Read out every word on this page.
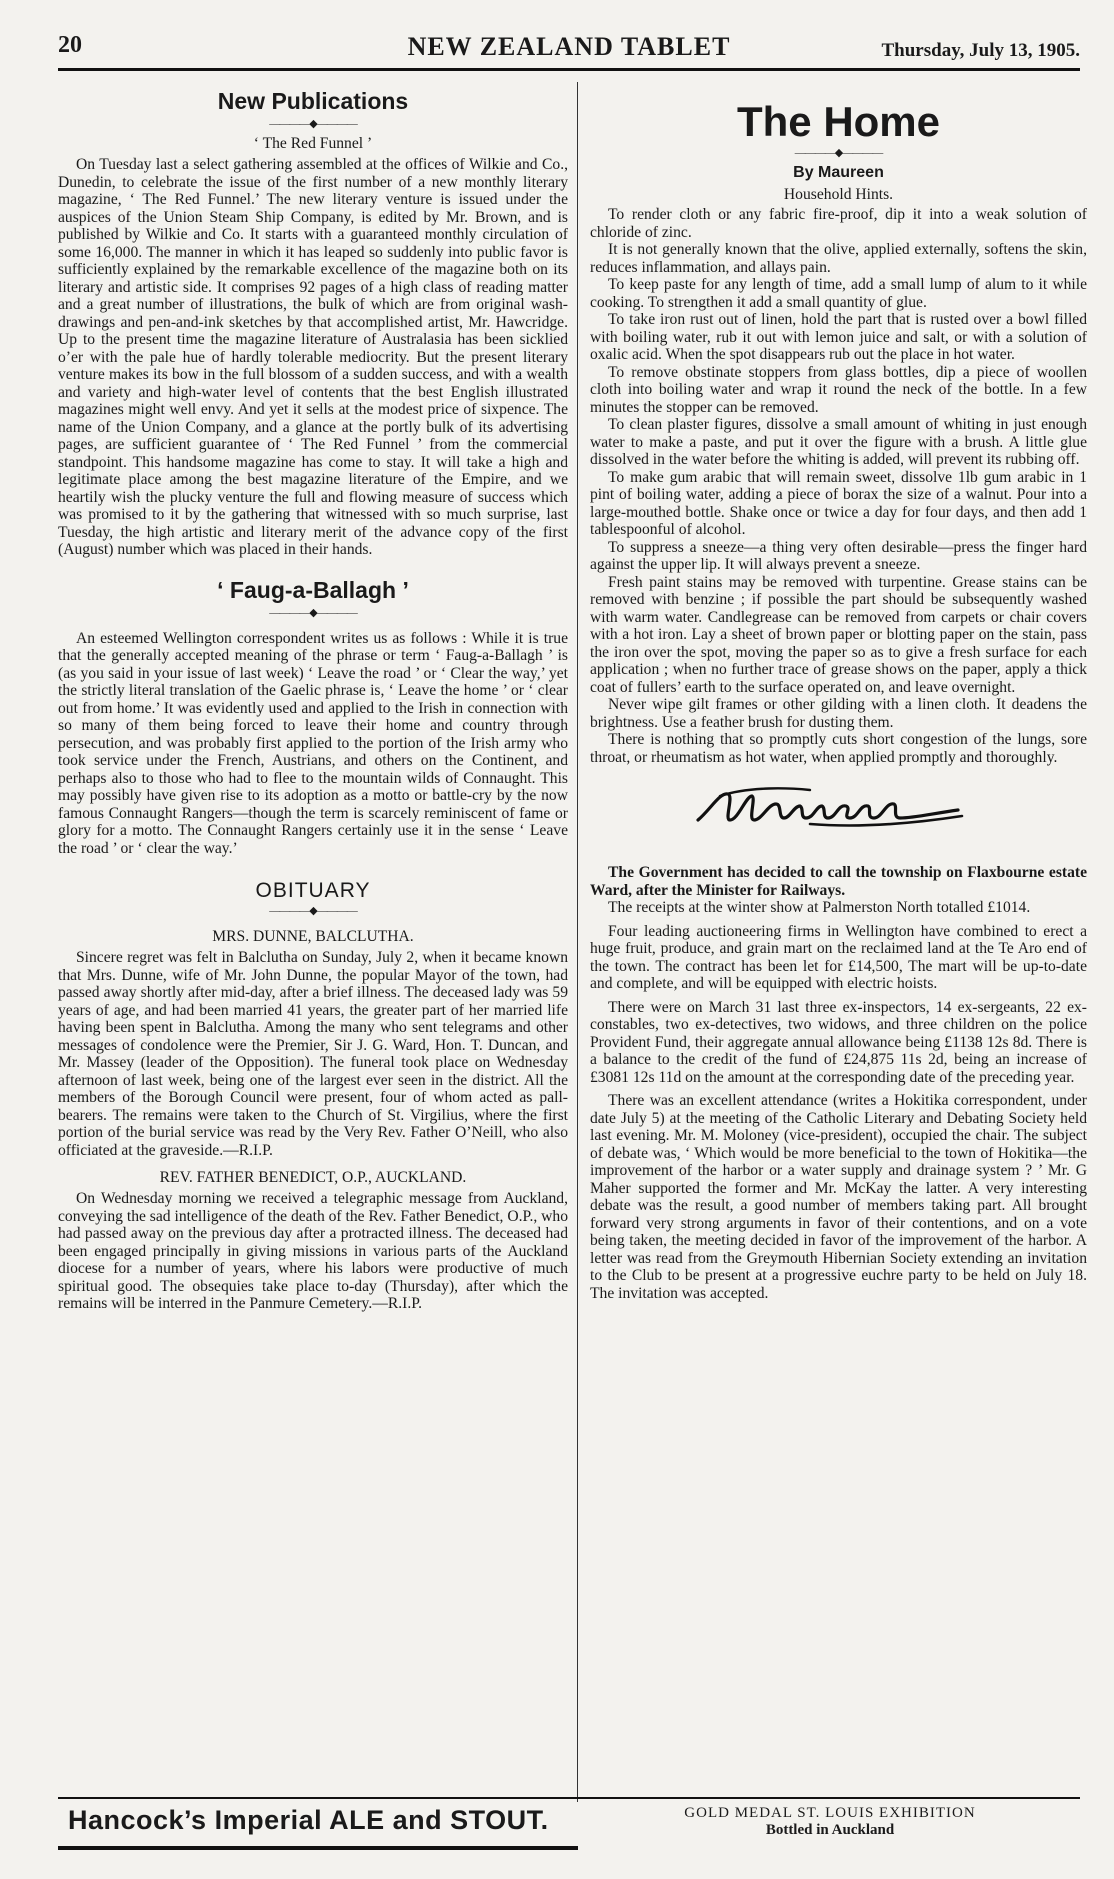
20	NEW ZEALAND TABLET	Thursday, July 13, 1905.
New Publications
————◆————
‘ The Red Funnel ’

On Tuesday last a select gathering assembled at the offices of Wilkie and Co., Dunedin, to celebrate the issue of the first number of a new monthly literary magazine, ‘ The Red Funnel.’ The new literary venture is issued under the auspices of the Union Steam Ship Company, is edited by Mr. Brown, and is published by Wilkie and Co. It starts with a guaranteed monthly circulation of some 16,000. The manner in which it has leaped so suddenly into public favor is sufficiently explained by the remarkable excellence of the magazine both on its literary and artistic side. It comprises 92 pages of a high class of reading matter and a great number of illustrations, the bulk of which are from original wash-drawings and pen-and-ink sketches by that accomplished artist, Mr. Hawcridge. Up to the present time the magazine literature of Australasia has been sicklied o’er with the pale hue of hardly tolerable mediocrity. But the present literary venture makes its bow in the full blossom of a sudden success, and with a wealth and variety and high-water level of contents that the best English illustrated magazines might well envy. And yet it sells at the modest price of sixpence. The name of the Union Company, and a glance at the portly bulk of its advertising pages, are sufficient guarantee of ‘ The Red Funnel ’ from the commercial standpoint. This handsome magazine has come to stay. It will take a high and legitimate place among the best magazine literature of the Empire, and we heartily wish the plucky venture the full and flowing measure of success which was promised to it by the gathering that witnessed with so much surprise, last Tuesday, the high artistic and literary merit of the advance copy of the first (August) number which was placed in their hands.

‘ Faug-a-Ballagh ’
————◆————

An esteemed Wellington correspondent writes us as follows : While it is true that the generally accepted meaning of the phrase or term ‘ Faug-a-Ballagh ’ is (as you said in your issue of last week) ‘ Leave the road ’ or ‘ Clear the way,’ yet the strictly literal translation of the Gaelic phrase is, ‘ Leave the home ’ or ‘ clear out from home.’ It was evidently used and applied to the Irish in connection with so many of them being forced to leave their home and country through persecution, and was probably first applied to the portion of the Irish army who took service under the French, Austrians, and others on the Continent, and perhaps also to those who had to flee to the mountain wilds of Connaught. This may possibly have given rise to its adoption as a motto or battle-cry by the now famous Connaught Rangers—though the term is scarcely reminiscent of fame or glory for a motto. The Connaught Rangers certainly use it in the sense ‘ Leave the road ’ or ‘ clear the way.’

OBITUARY
————◆————
MRS. DUNNE, BALCLUTHA.

Sincere regret was felt in Balclutha on Sunday, July 2, when it became known that Mrs. Dunne, wife of Mr. John Dunne, the popular Mayor of the town, had passed away shortly after mid-day, after a brief illness. The deceased lady was 59 years of age, and had been married 41 years, the greater part of her married life having been spent in Balclutha. Among the many who sent telegrams and other messages of condolence were the Premier, Sir J. G. Ward, Hon. T. Duncan, and Mr. Massey (leader of the Opposition). The funeral took place on Wednesday afternoon of last week, being one of the largest ever seen in the district. All the members of the Borough Council were present, four of whom acted as pall-bearers. The remains were taken to the Church of St. Virgilius, where the first portion of the burial service was read by the Very Rev. Father O’Neill, who also officiated at the graveside.—R.I.P.

REV. FATHER BENEDICT, O.P., AUCKLAND.

On Wednesday morning we received a telegraphic message from Auckland, conveying the sad intelligence of the death of the Rev. Father Benedict, O.P., who had passed away on the previous day after a protracted illness. The deceased had been engaged principally in giving missions in various parts of the Auckland diocese for a number of years, where his labors were productive of much spiritual good. The obsequies take place to-day (Thursday), after which the remains will be interred in the Panmure Cemetery.—R.I.P.

The Home
————◆————
By Maureen
Household Hints.

To render cloth or any fabric fire-proof, dip it into a weak solution of chloride of zinc.

It is not generally known that the olive, applied externally, softens the skin, reduces inflammation, and allays pain.

To keep paste for any length of time, add a small lump of alum to it while cooking. To strengthen it add a small quantity of glue.

To take iron rust out of linen, hold the part that is rusted over a bowl filled with boiling water, rub it out with lemon juice and salt, or with a solution of oxalic acid. When the spot disappears rub out the place in hot water.

To remove obstinate stoppers from glass bottles, dip a piece of woollen cloth into boiling water and wrap it round the neck of the bottle. In a few minutes the stopper can be removed.

To clean plaster figures, dissolve a small amount of whiting in just enough water to make a paste, and put it over the figure with a brush. A little glue dissolved in the water before the whiting is added, will prevent its rubbing off.

To make gum arabic that will remain sweet, dissolve 1lb gum arabic in 1 pint of boiling water, adding a piece of borax the size of a walnut. Pour into a large-mouthed bottle. Shake once or twice a day for four days, and then add 1 tablespoonful of alcohol.

To suppress a sneeze—a thing very often desirable—press the finger hard against the upper lip. It will always prevent a sneeze.

Fresh paint stains may be removed with turpentine. Grease stains can be removed with benzine ; if possible the part should be subsequently washed with warm water. Candlegrease can be removed from carpets or chair covers with a hot iron. Lay a sheet of brown paper or blotting paper on the stain, pass the iron over the spot, moving the paper so as to give a fresh surface for each application ; when no further trace of grease shows on the paper, apply a thick coat of fullers’ earth to the surface operated on, and leave overnight.

Never wipe gilt frames or other gilding with a linen cloth. It deadens the brightness. Use a feather brush for dusting them.

There is nothing that so promptly cuts short congestion of the lungs, sore throat, or rheumatism as hot water, when applied promptly and thoroughly.

The Government has decided to call the township on Flaxbourne estate Ward, after the Minister for Railways.

The receipts at the winter show at Palmerston North totalled £1014.

Four leading auctioneering firms in Wellington have combined to erect a huge fruit, produce, and grain mart on the reclaimed land at the Te Aro end of the town. The contract has been let for £14,500, The mart will be up-to-date and complete, and will be equipped with electric hoists.

There were on March 31 last three ex-inspectors, 14 ex-sergeants, 22 ex-constables, two ex-detectives, two widows, and three children on the police Provident Fund, their aggregate annual allowance being £1138 12s 8d. There is a balance to the credit of the fund of £24,875 11s 2d, being an increase of £3081 12s 11d on the amount at the corresponding date of the preceding year.

There was an excellent attendance (writes a Hokitika correspondent, under date July 5) at the meeting of the Catholic Literary and Debating Society held last evening. Mr. M. Moloney (vice-president), occupied the chair. The subject of debate was, ‘ Which would be more beneficial to the town of Hokitika—the improvement of the harbor or a water supply and drainage system ? ’ Mr. G Maher supported the former and Mr. McKay the latter. A very interesting debate was the result, a good number of members taking part. All brought forward very strong arguments in favor of their contentions, and on a vote being taken, the meeting decided in favor of the improvement of the harbor. A letter was read from the Greymouth Hibernian Society extending an invitation to the Club to be present at a progressive euchre party to be held on July 18. The invitation was accepted.

Hancock’s Imperial ALE and STOUT.	GOLD MEDAL ST. LOUIS EXHIBITION
Bottled in Auckland
